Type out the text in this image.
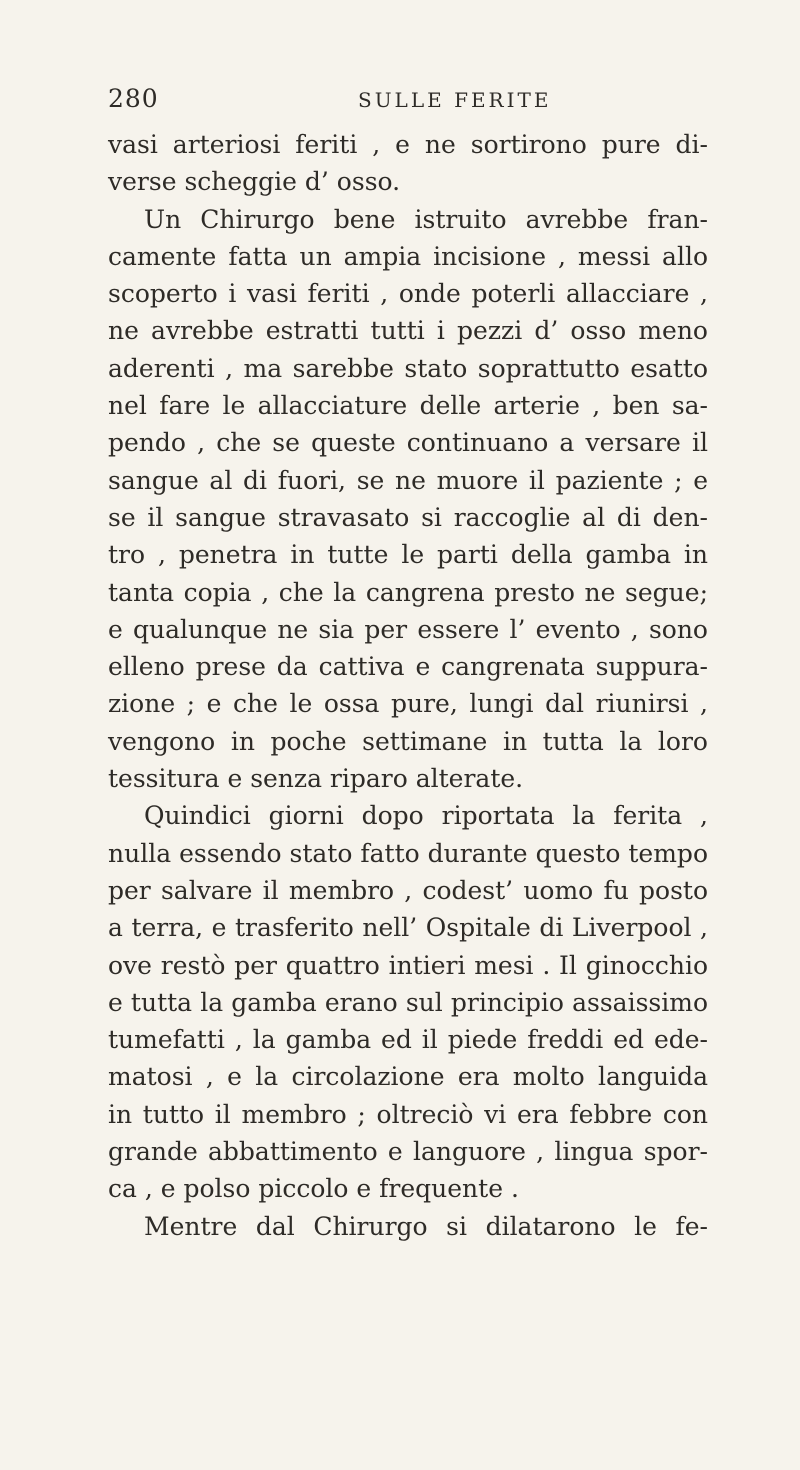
280	SULLE FERITE
vasi arteriosi feriti , e ne sortirono pure di-
verse scheggie d’ osso.
Un Chirurgo bene istruito avrebbe fran-
camente fatta un ampia incisione , messi allo
scoperto i vasi feriti , onde poterli allacciare ,
ne avrebbe estratti tutti i pezzi d’ osso meno
aderenti , ma sarebbe stato soprattutto esatto
nel fare le allacciature delle arterie , ben sa-
pendo , che se queste continuano a versare il
sangue al di fuori, se ne muore il paziente ; e
se il sangue stravasato si raccoglie al di den-
tro , penetra in tutte le parti della gamba in
tanta copia , che la cangrena presto ne segue;
e qualunque ne sia per essere l’ evento , sono
elleno prese da cattiva e cangrenata suppura-
zione ; e che le ossa pure, lungi dal riunirsi ,
vengono in poche settimane in tutta la loro
tessitura e senza riparo alterate.
Quindici giorni dopo riportata la ferita ,
nulla essendo stato fatto durante questo tempo
per salvare il membro , codest’ uomo fu posto
a terra, e trasferito nell’ Ospitale di Liverpool ,
ove restò per quattro intieri mesi . Il ginocchio
e tutta la gamba erano sul principio assaissimo
tumefatti , la gamba ed il piede freddi ed ede-
matosi , e la circolazione era molto languida
in tutto il membro ; oltreciò vi era febbre con
grande abbattimento e languore , lingua spor-
ca , e polso piccolo e frequente .
Mentre dal Chirurgo si dilatarono le fe-
